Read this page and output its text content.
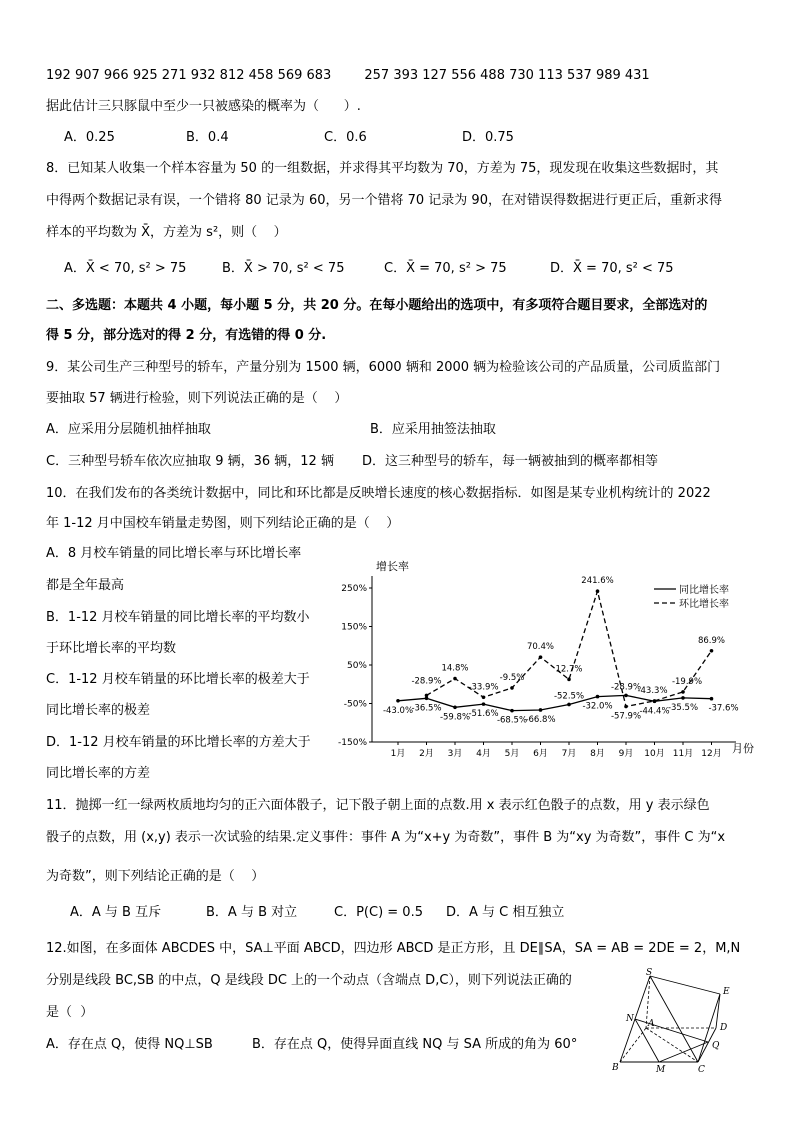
192 907 966 925 271 932 812 458 569 683        257 393 127 556 488 730 113 537 989 431
据此估计三只豚鼠中至少一只被感染的概率为（      ）.
A．0.25	B．0.4	C．0.6	D．0.75
8．已知某人收集一个样本容量为 50 的一组数据，并求得其平均数为 70，方差为 75，现发现在收集这些数据时，其
中得两个数据记录有误，一个错将 80 记录为 60，另一个错将 70 记录为 90，在对错误得数据进行更正后，重新求得
样本的平均数为 X̄，方差为 s²，则（    ）
A．X̄ < 70, s² > 75	B．X̄ > 70, s² < 75	C．X̄ = 70, s² > 75	D．X̄ = 70, s² < 75
二、多选题：本题共 4 小题，每小题 5 分，共 20 分。在每小题给出的选项中，有多项符合题目要求，全部选对的
得 5 分，部分选对的得 2 分，有选错的得 0 分.
9．某公司生产三种型号的轿车，产量分别为 1500 辆，6000 辆和 2000 辆为检验该公司的产品质量，公司质监部门
要抽取 57 辆进行检验，则下列说法正确的是（    ）
A．应采用分层随机抽样抽取	B．应采用抽签法抽取
C．三种型号轿车依次应抽取 9 辆，36 辆，12 辆 D．这三种型号的轿车，每一辆被抽到的概率都相等
10．在我们发布的各类统计数据中，同比和环比都是反映增长速度的核心数据指标．如图是某专业机构统计的 2022
年 1-12 月中国校车销量走势图，则下列结论正确的是（    ）
A．8 月校车销量的同比增长率与环比增长率
都是全年最高
B．1-12 月校车销量的同比增长率的平均数小
于环比增长率的平均数
C．1-12 月校车销量的环比增长率的极差大于
同比增长率的极差
D．1-12 月校车销量的环比增长率的方差大于
同比增长率的方差
增长率
月份
同比增长率
环比增长率
250%
150%
50%
-50%
-150%
1月 2月 3月 4月 5月 6月 7月 8月 9月 10月 11月 12月
-43.0%
-36.5%
-59.8%
-51.6%
-68.5%
-66.8%
-52.5%
-32.0%
-28.9%
-44.4%
-35.5% -37.6%
-28.9%
14.8%
-33.9%
-9.5%
70.4%
12.7%
241.6%
-57.9%
-43.3%
-19.9%
86.9%
11．抛掷一红一绿两枚质地均匀的正六面体骰子，记下骰子朝上面的点数.用 x 表示红色骰子的点数，用 y 表示绿色
骰子的点数，用 (x,y) 表示一次试验的结果.定义事件：事件 A 为“x+y 为奇数”，事件 B 为“xy 为奇数”，事件 C 为“x
为奇数”，则下列结论正确的是（    ）
A．A 与 B 互斥	B．A 与 B 对立	C．P(C) = 0.5 D．A 与 C 相互独立
12.如图，在多面体 ABCDES 中，SA⊥平面 ABCD，四边形 ABCD 是正方形，且 DE∥SA，SA = AB = 2DE = 2，M,N
分别是线段 BC,SB 的中点，Q 是线段 DC 上的一个动点（含端点 D,C），则下列说法正确的
是（  ）
A．存在点 Q，使得 NQ⊥SB	B．存在点 Q，使得异面直线 NQ 与 SA 所成的角为 60°
S
E
N A	D
Q
B	M	C
